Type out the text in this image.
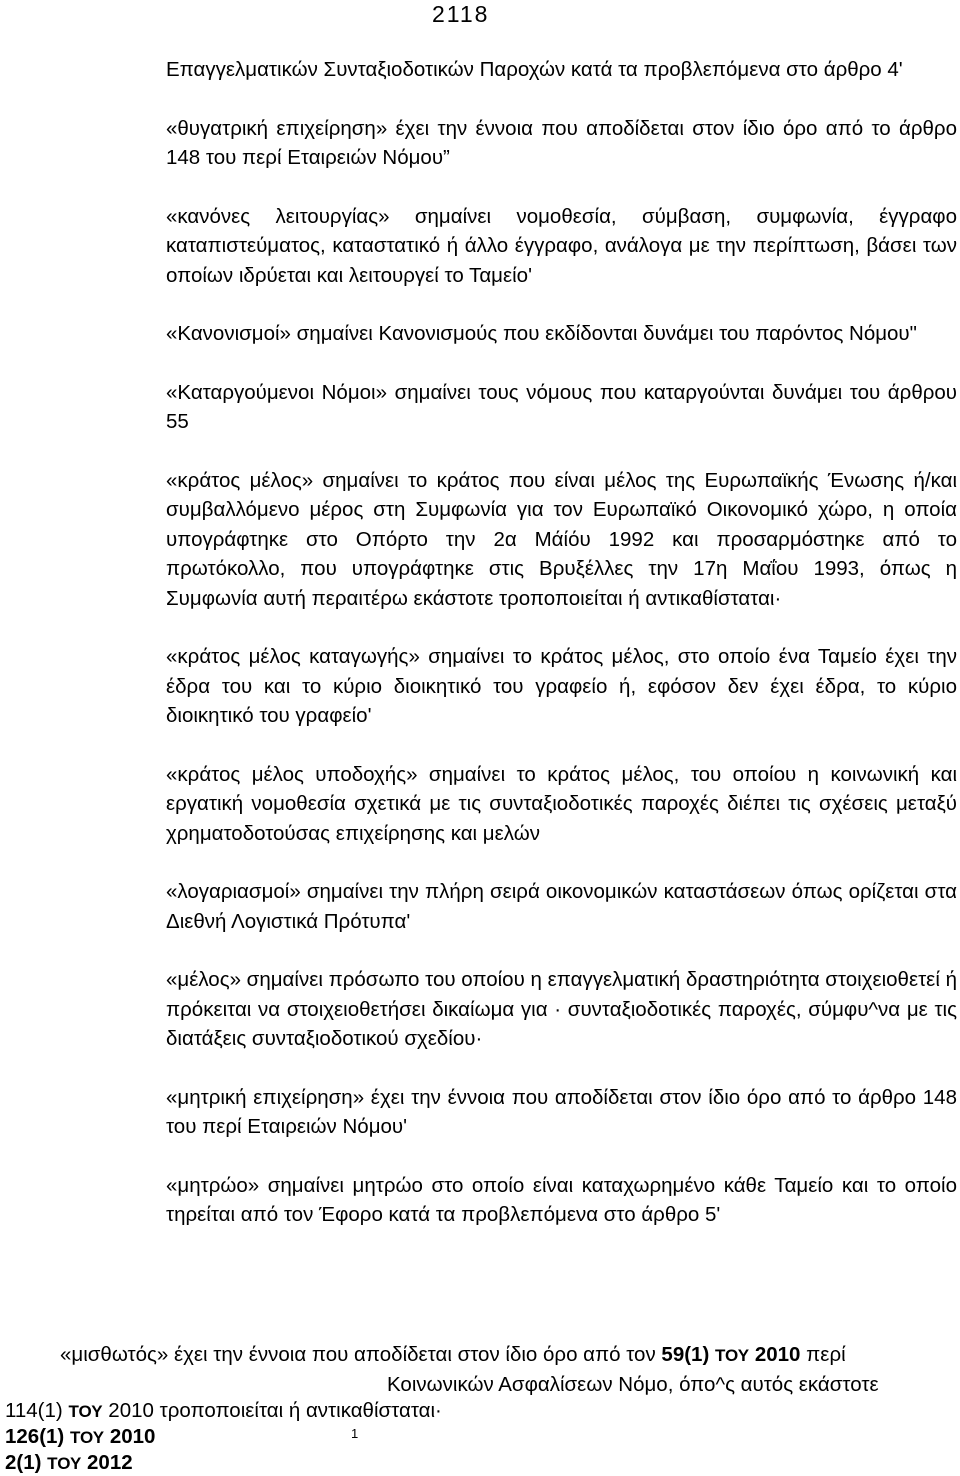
2118

Επαγγελματικών Συνταξιοδοτικών Παροχών κατά τα προβλεπόμενα στο άρθρο 4'

«θυγατρική επιχείρηση» έχει την έννοια που αποδίδεται στον ίδιο όρο από το άρθρο 148 του περί Εταιρειών Νόμου”

«κανόνες λειτουργίας» σημαίνει νομοθεσία, σύμβαση, συμφωνία, έγγραφο καταπιστεύματος, καταστατικό ή άλλο έγγραφο, ανάλογα με την περίπτωση, βάσει των οποίων ιδρύεται και λειτουργεί το Ταμείο'

«Κανονισμοί» σημαίνει Κανονισμούς που εκδίδονται δυνάμει του παρόντος Νόμου"

«Καταργούμενοι Νόμοι» σημαίνει τους νόμους που καταργούνται δυνάμει του άρθρου 55

«κράτος μέλος» σημαίνει το κράτος που είναι μέλος της Ευρωπαϊκής Ένωσης ή/και συμβαλλόμενο μέρος στη Συμφωνία για τον Ευρωπαϊκό Οικονομικό χώρο, η οποία υπογράφτηκε στο Οπόρτο την 2α Μάίόυ 1992 και προσαρμόστηκε από το πρωτόκολλο, που υπογράφτηκε στις Βρυξέλλες την 17η Μαΐου 1993, όπως η Συμφωνία αυτή περαιτέρω εκάστοτε τροποποιείται ή αντικαθίσταται·

«κράτος μέλος καταγωγής» σημαίνει το κράτος μέλος, στο οποίο ένα Ταμείο έχει την έδρα του και το κύριο διοικητικό του γραφείο ή, εφόσον δεν έχει έδρα, το κύριο διοικητικό του γραφείο'

«κράτος μέλος υποδοχής» σημαίνει το κράτος μέλος, του οποίου η κοινωνική και εργατική νομοθεσία σχετικά με τις συνταξιοδοτικές παροχές διέπει τις σχέσεις μεταξύ χρηματοδοτούσας επιχείρησης και μελών

«λογαριασμοί» σημαίνει την πλήρη σειρά οικονομικών καταστάσεων όπως ορίζεται στα Διεθνή Λογιστικά Πρότυπα'

«μέλος» σημαίνει πρόσωπο του οποίου η επαγγελματική δραστηριότητα στοιχειοθετεί ή πρόκειται να στοιχειοθετήσει δικαίωμα για · συνταξιοδοτικές παροχές, σύμφυ^να με τις διατάξεις συνταξιοδοτικού σχεδίου·

«μητρική επιχείρηση» έχει την έννοια που αποδίδεται στον ίδιο όρο από το άρθρο 148 του περί Εταιρειών Νόμου'

«μητρώο» σημαίνει μητρώο στο οποίο είναι καταχωρημένο κάθε Ταμείο και το οποίο τηρείται από τον Έφορο κατά τα προβλεπόμενα στο άρθρο 5'

«μισθωτός» έχει την έννοια που αποδίδεται στον ίδιο όρο από τον 59(1) ΤΟΥ 2010 περί

Κοινωνικών Ασφαλίσεων Νόμο, όπο^ς αυτός εκάστοτε
114(1) ΤΟΥ 2010 τροποποιείται ή αντικαθίσταται·
126(1) ΤΟΥ 2010
2(1) ΤΟΥ 2012
1
